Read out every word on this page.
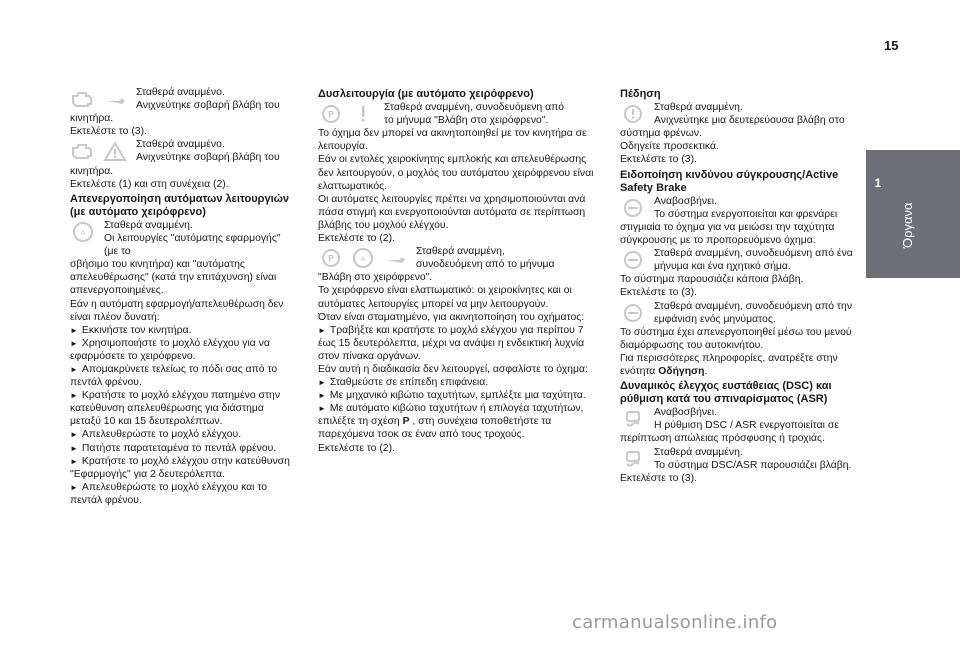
15
1
Όργανα

Σταθερά αναμμένο.

Ανιχνεύτηκε σοβαρή βλάβη του

κινητήρα.

Εκτελέστε το (3).

Σταθερά αναμμένο.

Ανιχνεύτηκε σοβαρή βλάβη του

κινητήρα.

Εκτελέστε (1) και στη συνέχεια (2).

Απενεργοποίηση αυτόματων λειτουργιών (με αυτόματο χειρόφρενο)

A

Σταθερά αναμμένη.

Οι λειτουργίες "αυτόματης εφαρμογής" (με το

σβήσιμο του κινητήρα) και "αυτόματης απελευθέρωσης" (κατά την επιτάχυνση) είναι απενεργοποιημένες.

Εάν η αυτόματη εφαρμογή/απελευθέρωση δεν είναι πλέον δυνατή:

► Εκκινήστε τον κινητήρα.

► Χρησιμοποιήστε το μοχλό ελέγχου για να εφαρμόσετε το χειρόφρενο.

► Απομακρύνετε τελείως το πόδι σας από το πεντάλ φρένου.

► Κρατήστε το μοχλό ελέγχου πατημένο στην κατεύθυνση απελευθέρωσης για διάστημα μεταξύ 10 και 15 δευτερολέπτων.

► Απελευθερώστε το μοχλό ελέγχου.

► Πατήστε παρατεταμένα το πεντάλ φρένου.

► Κρατήστε το μοχλό ελέγχου στην κατεύθυνση "Εφαρμογής" για 2 δευτερόλεπτα.

► Απελευθερώστε το μοχλό ελέγχου και το πεντάλ φρένου.

Δυσλειτουργία (με αυτόματο χειρόφρενο)

P

Σταθερά αναμμένη, συνοδευόμενη από

το μήνυμα "Βλάβη στο χειρόφρενο".

Το όχημα δεν μπορεί να ακινητοποιηθεί με τον κινητήρα σε λειτουργία.

Εάν οι εντολές χειροκίνητης εμπλοκής και απελευθέρωσης δεν λειτουργούν, ο μοχλός του αυτόματου χειρόφρενου είναι ελαττωματικός.

Οι αυτόματες λειτουργίες πρέπει να χρησιμοποιούνται ανά πάσα στιγμή και ενεργοποιούνται αυτόματα σε περίπτωση βλάβης του μοχλού ελέγχου.

Εκτελέστε το (2).

P	A

Σταθερά αναμμένη,

συνοδευόμενη από το μήνυμα

"Βλάβη στο χειρόφρενο".

Το χειρόφρενο είναι ελαττωματικό: οι χειροκίνητες και οι αυτόματες λειτουργίες μπορεί να μην λειτουργούν.

Όταν είναι σταματημένο, για ακινητοποίηση του οχήματος:

► Τραβήξτε και κρατήστε το μοχλό ελέγχου για περίπου 7 έως 15 δευτερόλεπτα, μέχρι να ανάψει η ενδεικτική λυχνία στον πίνακα οργάνων.

Εάν αυτή η διαδικασία δεν λειτουργεί, ασφαλίστε το όχημα:

► Σταθμεύστε σε επίπεδη επιφάνεια.

► Με μηχανικό κιβώτιο ταχυτήτων, εμπλέξτε μια ταχύτητα.

► Με αυτόματο κιβώτιο ταχυτήτων ή επιλογέα ταχυτήτων, επιλέξτε τη σχέση P , στη συνέχεια τοποθετήστε τα παρεχόμενα τσοκ σε έναν από τους τροχούς.

Εκτελέστε το (2).

Πέδηση

Σταθερά αναμμένη.

Ανιχνεύτηκε μια δευτερεύουσα βλάβη στο

σύστημα φρένων.

Οδηγείτε προσεκτικά.

Εκτελέστε το (3).

Ειδοποίηση κινδύνου σύγκρουσης/Active Safety Brake

Αναβοσβήνει.

Το σύστημα ενεργοποιείται και φρενάρει

στιγμιαία το όχημα για να μειώσει την ταχύτητα σύγκρουσης με το προπορευόμενο όχημα.

Σταθερά αναμμένη, συνοδευόμενη από ένα

μήνυμα και ένα ηχητικό σήμα.

Το σύστημα παρουσιάζει κάποια βλάβη.

Εκτελέστε το (3).

Σταθερά αναμμένη, συνοδευόμενη από την

εμφάνιση ενός μηνύματος.

Το σύστημα έχει απενεργοποιηθεί μέσω του μενού διαμόρφωσης του αυτοκινήτου.

Για περισσότερες πληροφορίες, ανατρέξτε στην ενότητα Οδήγηση.

Δυναμικός έλεγχος ευστάθειας (DSC) και ρύθμιση κατά του σπιναρίσματος (ASR)

Αναβοσβήνει.

Η ρύθμιση DSC / ASR ενεργοποιείται σε

περίπτωση απώλειας πρόσφυσης ή τροχιάς.

Σταθερά αναμμένη.

Το σύστημα DSC/ASR παρουσιάζει βλάβη.

Εκτελέστε το (3).

carmanualsonline.info
